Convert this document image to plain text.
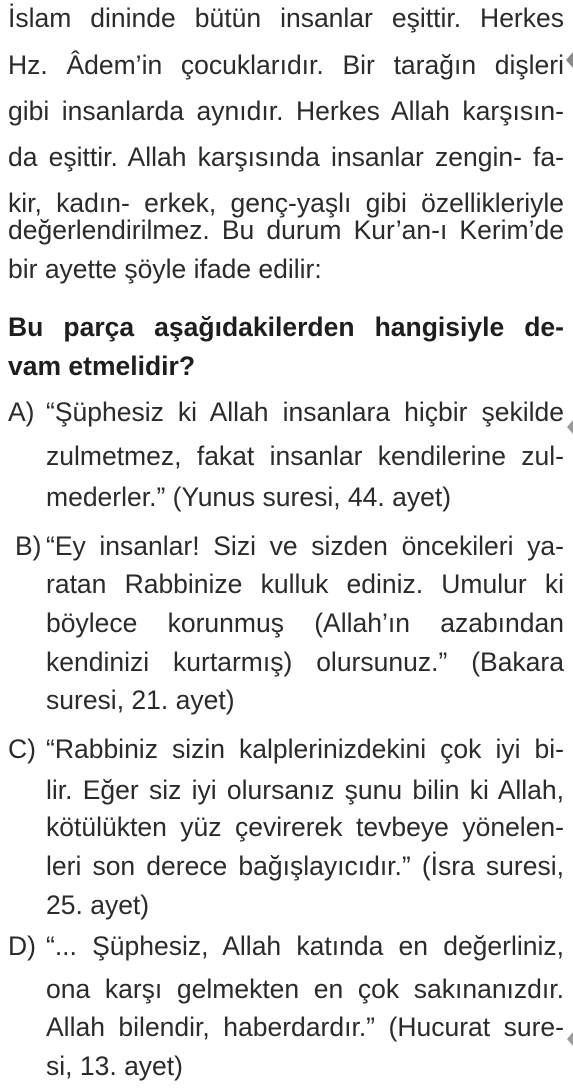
İslam dininde bütün insanlar eşittir. Herkes
Hz. Âdem’in çocuklarıdır. Bir tarağın dişleri
gibi insanlarda aynıdır. Herkes Allah karşısın-
da eşittir. Allah karşısında insanlar zengin- fa-
kir, kadın- erkek, genç-yaşlı gibi özellikleriyle
değerlendirilmez. Bu durum Kur’an-ı Kerim’de
bir ayette şöyle ifade edilir:
Bu parça aşağıdakilerden hangisiyle de-
vam etmelidir?
A) “Şüphesiz ki Allah insanlara hiçbir şekilde
zulmetmez, fakat insanlar kendilerine zul-
mederler.” (Yunus suresi, 44. ayet)
B) “Ey insanlar! Sizi ve sizden öncekileri ya-
ratan Rabbinize kulluk ediniz. Umulur ki
böylece korunmuş (Allah’ın azabından
kendinizi kurtarmış) olursunuz.” (Bakara
suresi, 21. ayet)
C) “Rabbiniz sizin kalplerinizdekini çok iyi bi-
lir. Eğer siz iyi olursanız şunu bilin ki Allah,
kötülükten yüz çevirerek tevbeye yönelen-
leri son derece bağışlayıcıdır.” (İsra suresi,
25. ayet)
D) “... Şüphesiz, Allah katında en değerliniz,
ona karşı gelmekten en çok sakınanızdır.
Allah bilendir, haberdardır.” (Hucurat sure-
si, 13. ayet)
